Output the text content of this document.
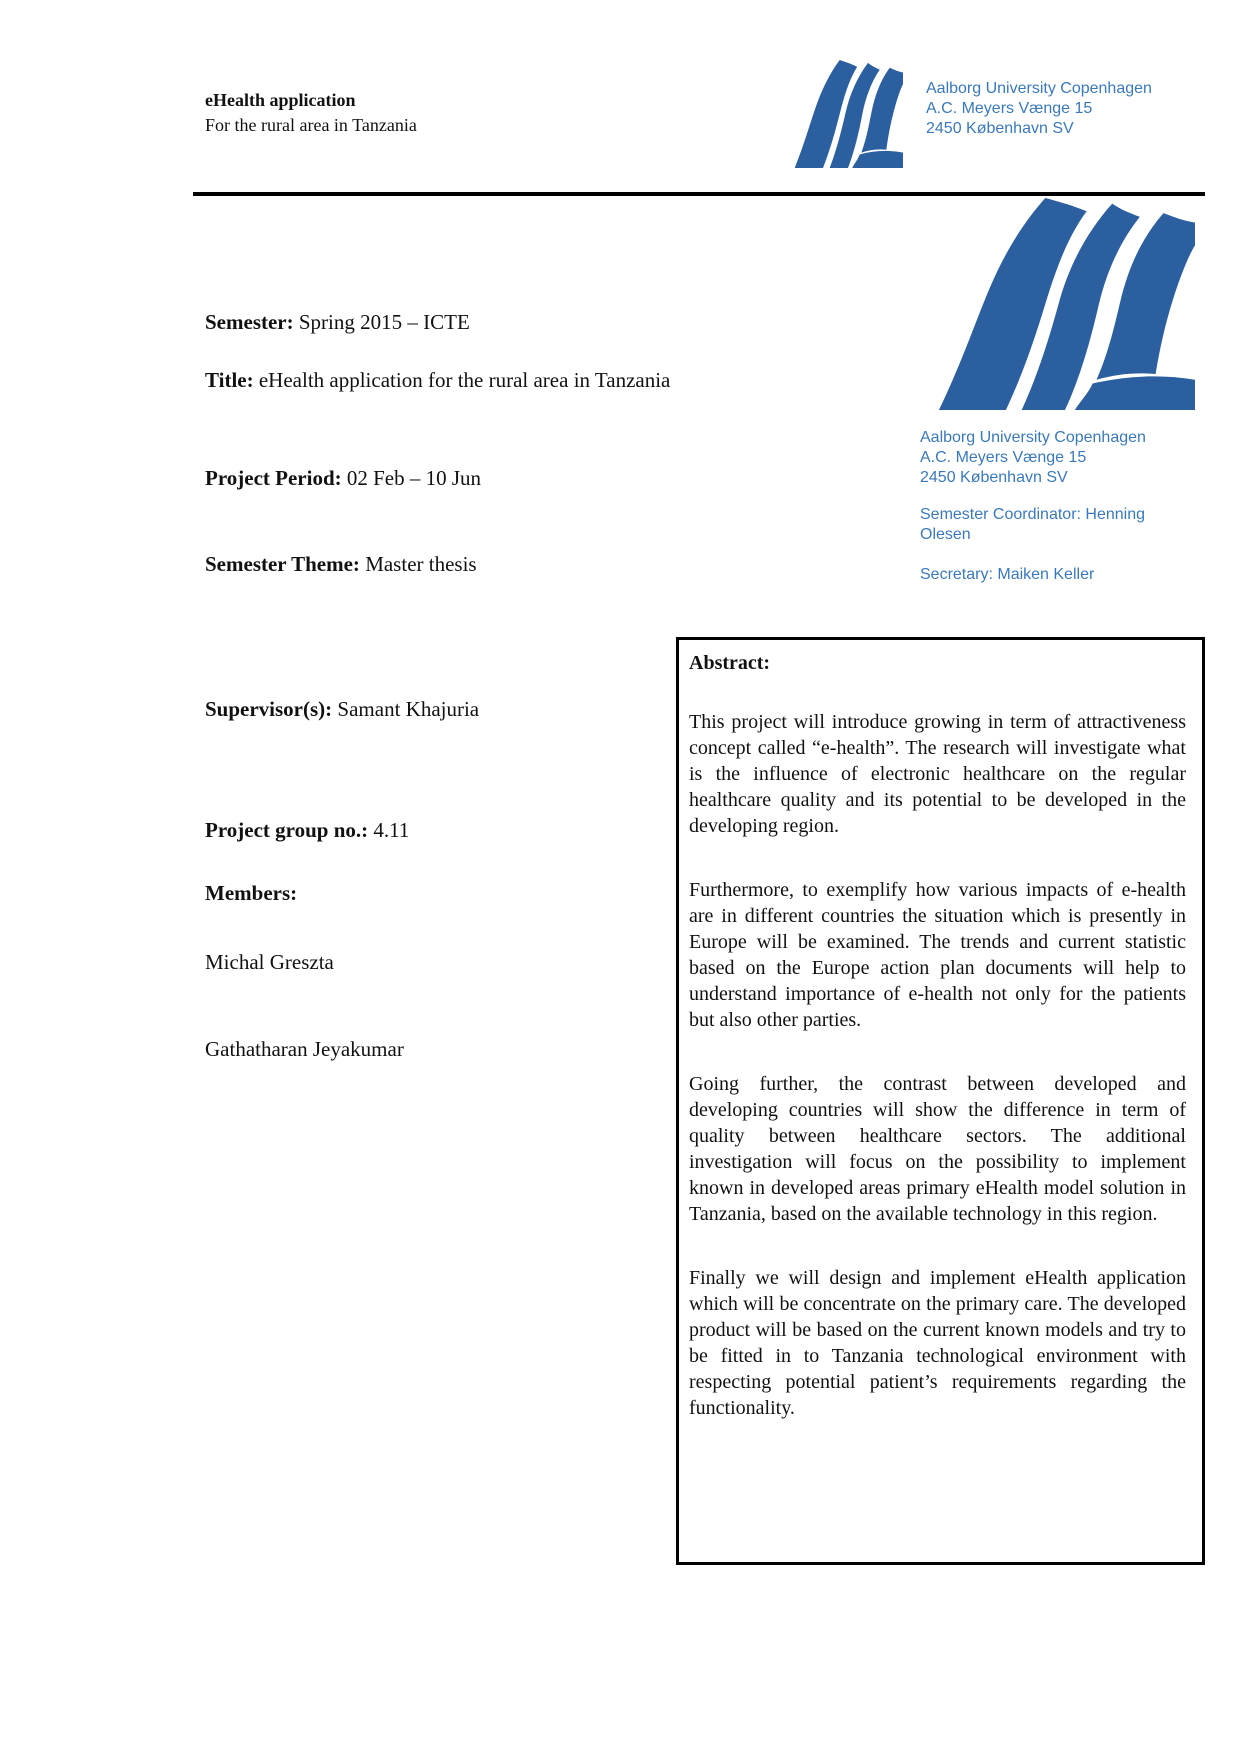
eHealth application
For the rural area in Tanzania
Aalborg University Copenhagen
A.C. Meyers Vænge 15
2450 København SV
Semester: Spring 2015 – ICTE
Title: eHealth application for the rural area in Tanzania
Project Period: 02 Feb – 10 Jun
Semester Theme: Master thesis
Supervisor(s): Samant Khajuria
Project group no.: 4.11
Members:
Michal Greszta
Gathatharan Jeyakumar
Aalborg University Copenhagen
A.C. Meyers Vænge 15
2450 København SV
Semester Coordinator: Henning Olesen
Secretary: Maiken Keller
Abstract:

This project will introduce growing in term of attractiveness concept called “e-health”. The research will investigate what is the influence of electronic healthcare on the regular healthcare quality and its potential to be developed in the developing region.

Furthermore, to exemplify how various impacts of e-health are in different countries the situation which is presently in Europe will be examined. The trends and current statistic based on the Europe action plan documents will help to understand importance of e-health not only for the patients but also other parties.

Going further, the contrast between developed and developing countries will show the difference in term of quality between healthcare sectors. The additional investigation will focus on the possibility to implement known in developed areas primary eHealth model solution in Tanzania, based on the available technology in this region.

Finally we will design and implement eHealth application which will be concentrate on the primary care. The developed product will be based on the current known models and try to be fitted in to Tanzania technological environment with respecting potential patient’s requirements regarding the functionality.
